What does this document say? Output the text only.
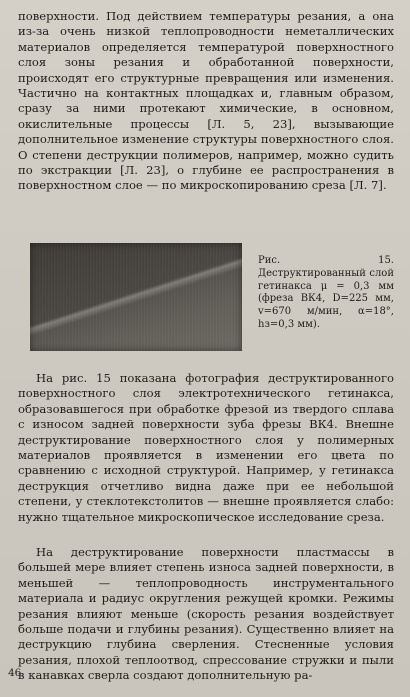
поверхности. Под действием температуры резания, а она из-за очень низкой теплопроводности неметаллических материалов определяется температурой поверхностного слоя зоны резания и обработанной поверхности, происходят его структурные превращения или изменения. Частично на контактных площадках и, главным образом, сразу за ними протекают химические, в основном, окислительные процессы [Л. 5, 23], вызывающие дополнительное изменение структуры поверхностного слоя. О степени деструкции полимеров, например, можно судить по экстракции [Л. 23], о глубине ее распространения в поверхностном слое — по микроскопированию среза [Л. 7].

Рис. 15. Деструктированный слой гетинакса μ = 0,3 мм (фреза ВК4, D=225 мм, v=670 м/мин, α=18°, hз=0,3 мм).

На рис. 15 показана фотография деструктированного поверхностного слоя электротехнического гетинакса, образовавшегося при обработке фрезой из твердого сплава с износом задней поверхности зуба фрезы ВК4. Внешне деструктирование поверхностного слоя у полимерных материалов проявляется в изменении его цвета по сравнению с исходной структурой. Например, у гетинакса деструкция отчетливо видна даже при ее небольшой степени, у стеклотекстолитов — внешне проявляется слабо: нужно тщательное микроскопическое исследование среза.

На деструктирование поверхности пластмассы в большей мере влияет степень износа задней поверхности, в меньшей — теплопроводность инструментального материала и радиус округления режущей кромки. Режимы резания влияют меньше (скорость резания воздействует больше подачи и глубины резания). Существенно влияет на деструкцию глубина сверления. Стесненные условия резания, плохой теплоотвод, спрессование стружки и пыли в канавках сверла создают дополнительную ра-

46
